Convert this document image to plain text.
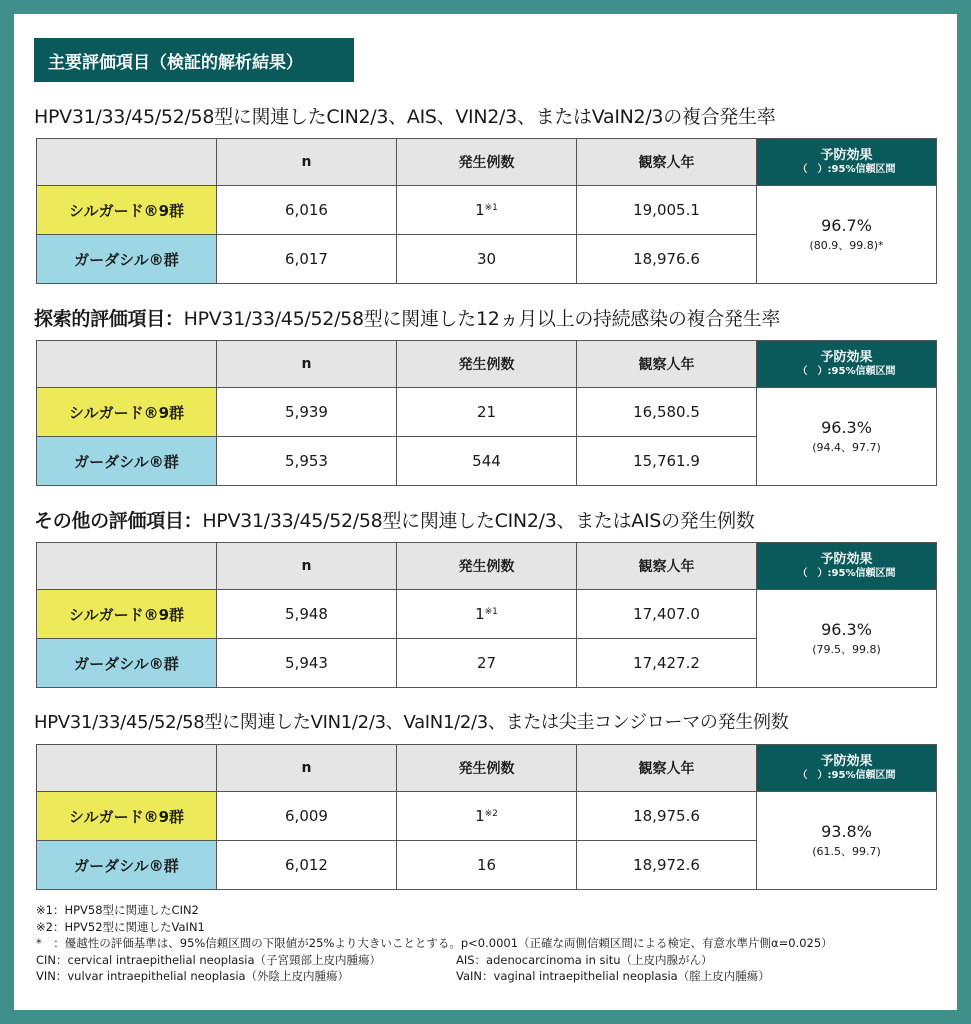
主要評価項目（検証的解析結果）
HPV31/33/45/52/58型に関連したCIN2/3、AIS、VIN2/3、またはVaIN2/3の複合発生率
	n	発生例数	観察人年	予防効果
（　）:95%信頼区間

シルガード®9群	6,016	1$^{※1}$	19,005.1	96.7%
(80.9、99.8)*

ガーダシル®群	6,017	30	18,976.6	
探索的評価項目：HPV31/33/45/52/58型に関連した12ヵ月以上の持続感染の複合発生率
	n	発生例数	観察人年	予防効果
（　）:95%信頼区間

シルガード®9群	5,939	21	16,580.5	96.3%
(94.4、97.7)

ガーダシル®群	5,953	544	15,761.9	
その他の評価項目：HPV31/33/45/52/58型に関連したCIN2/3、またはAISの発生例数
	n	発生例数	観察人年	予防効果
（　）:95%信頼区間

シルガード®9群	5,948	1$^{※1}$	17,407.0	96.3%
(79.5、99.8)

ガーダシル®群	5,943	27	17,427.2	
HPV31/33/45/52/58型に関連したVIN1/2/3、VaIN1/2/3、または尖圭コンジローマの発生例数
	n	発生例数	観察人年	予防効果
（　）:95%信頼区間

シルガード®9群	6,009	1$^{※2}$	18,975.6	93.8%
(61.5、99.7)

ガーダシル®群	6,012	16	18,972.6	
※1：HPV58型に関連したCIN2
※2：HPV52型に関連したVaIN1
*　：優越性の評価基準は、95%信頼区間の下限値が25%より大きいこととする。p<0.0001（正確な両側信頼区間による検定、有意水準片側α=0.025）
CIN：cervical intraepithelial neoplasia（子宮頸部上皮内腫瘍）	AIS：adenocarcinoma in situ（上皮内腺がん）
VIN：vulvar intraepithelial neoplasia（外陰上皮内腫瘍）	VaIN：vaginal intraepithelial neoplasia（腟上皮内腫瘍）
